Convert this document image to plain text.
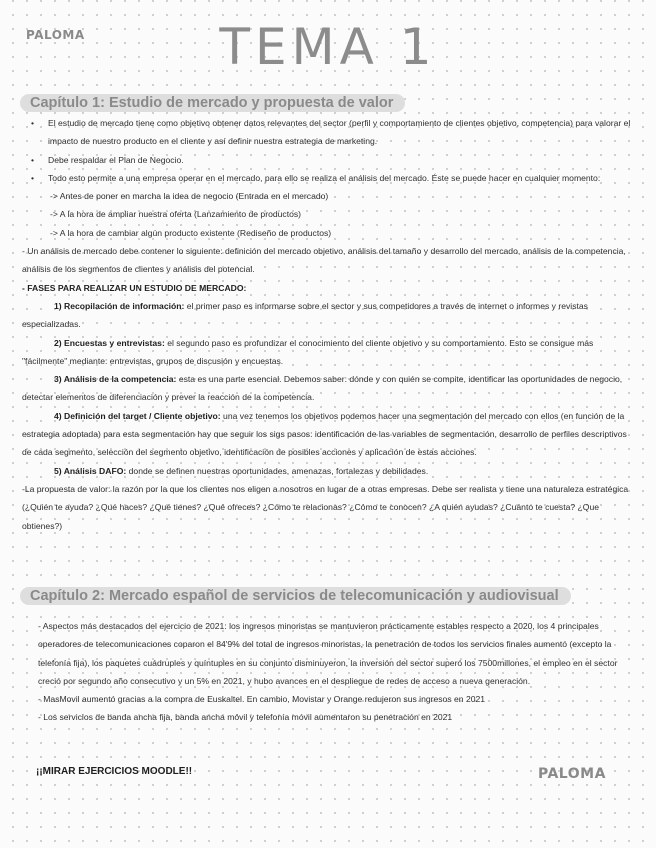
PALOMA	TEMA 1
Capítulo 1: Estudio de mercado y propuesta de valor

• El estudio de mercado tiene como objetivo obtener datos relevantes del sector (perfil y comportamiento de clientes objetivo, competencia) para valorar el impacto de nuestro producto en el cliente y así definir nuestra estrategia de marketing.

• Debe respaldar el Plan de Negocio.

• Todo esto permite a una empresa operar en el mercado, para ello se realiza el análisis del mercado. Éste se puede hacer en cualquier momento:

-> Antes de poner en marcha la idea de negocio (Entrada en el mercado)

-> A la hora de ampliar nuestra oferta (Lanzamiento de productos)

-> A la hora de cambiar algún producto existente (Rediseño de productos)

- Un análisis de mercado debe contener lo siguiente: definición del mercado objetivo, análisis del tamaño y desarrollo del mercado, análisis de la competencia, análisis de los segmentos de clientes y análisis del potencial.

- FASES PARA REALIZAR UN ESTUDIO DE MERCADO:

1) Recopilación de información: el primer paso es informarse sobre el sector y sus competidores a través de internet o informes y revistas especializadas.

2) Encuestas y entrevistas: el segundo paso es profundizar el conocimiento del cliente objetivo y su comportamiento. Esto se consigue más "fácilmente" mediante: entrevistas, grupos de discusión y encuestas.

3) Análisis de la competencia: esta es una parte esencial. Debemos saber: dónde y con quién se compite, identificar las oportunidades de negocio, detectar elementos de diferenciación y prever la reacción de la competencia.

4) Definición del target / Cliente objetivo: una vez tenemos los objetivos podemos hacer una segmentación del mercado con ellos (en función de la estrategia adoptada) para esta segmentación hay que seguir los sigs pasos: identificación de las variables de segmentación, desarrollo de perfiles descriptivos de cada segmento, selección del segmento objetivo, identificación de posibles acciones y aplicación de estas acciones.

5) Análisis DAFO: donde se definen nuestras oportunidades, amenazas, fortalezas y debilidades.

-La propuesta de valor: la razón por la que los clientes nos eligen a nosotros en lugar de a otras empresas. Debe ser realista y tiene una naturaleza estratégica (¿Quién te ayuda? ¿Qué haces? ¿Qué tienes? ¿Qué ofreces? ¿Cómo te relacionas? ¿Cómo te conocen? ¿A quién ayudas? ¿Cuánto te cuesta? ¿Que obtienes?)

Capítulo 2: Mercado español de servicios de telecomunicación y audiovisual

- Aspectos más destacados del ejercicio de 2021: los ingresos minoristas se mantuvieron prácticamente estables respecto a 2020, los 4 principales operadores de telecomunicaciones coparon el 84'9% del total de ingresos minoristas, la penetración de todos los servicios finales aumentó (excepto la telefonía fija), los paquetes cuádruples y quíntuples en su conjunto disminuyeron, la inversión del sector superó los 7500millones, el empleo en el sector creció por segundo año consecutivo y un 5% en 2021, y hubo avances en el despliegue de redes de acceso a nueva generación.

- MasMovil aumentó gracias a la compra de Euskaltel. En cambio, Movistar y Orange redujeron sus ingresos en 2021

- Los servicios de banda ancha fija, banda ancha móvil y telefonía móvil aumentaron su penetración en 2021

¡¡MIRAR EJERCICIOS MOODLE!!	PALOMA
